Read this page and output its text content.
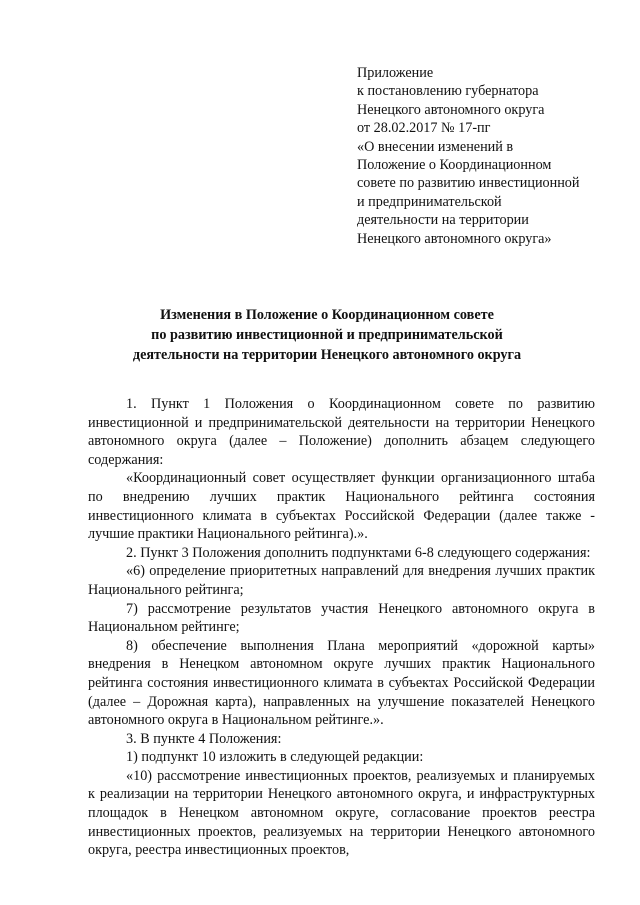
Приложение
к постановлению губернатора
Ненецкого автономного округа
от 28.02.2017 № 17-пг
«О внесении изменений в
Положение о Координационном
совете по развитию инвестиционной
и предпринимательской
деятельности на территории
Ненецкого автономного округа»
Изменения в Положение о Координационном совете
по развитию инвестиционной и предпринимательской
деятельности на территории Ненецкого автономного округа

1. Пункт 1 Положения о Координационном совете по развитию инвестиционной и предпринимательской деятельности на территории Ненецкого автономного округа (далее – Положение) дополнить абзацем следующего содержания:

«Координационный совет осуществляет функции организационного штаба по внедрению лучших практик Национального рейтинга состояния инвестиционного климата в субъектах Российской Федерации (далее также - лучшие практики Национального рейтинга).».

2. Пункт 3 Положения дополнить подпунктами 6-8 следующего содержания:

«6) определение приоритетных направлений для внедрения лучших практик Национального рейтинга;

7) рассмотрение результатов участия Ненецкого автономного округа в Национальном рейтинге;

8) обеспечение выполнения Плана мероприятий «дорожной карты» внедрения в Ненецком автономном округе лучших практик Национального рейтинга состояния инвестиционного климата в субъектах Российской Федерации (далее – Дорожная карта), направленных на улучшение показателей Ненецкого автономного округа в Национальном рейтинге.».

3. В пункте 4 Положения:

1) подпункт 10 изложить в следующей редакции:

«10) рассмотрение инвестиционных проектов, реализуемых и планируемых к реализации на территории Ненецкого автономного округа, и инфраструктурных площадок в Ненецком автономном округе, согласование проектов реестра инвестиционных проектов, реализуемых на территории Ненецкого автономного округа, реестра инвестиционных проектов,
